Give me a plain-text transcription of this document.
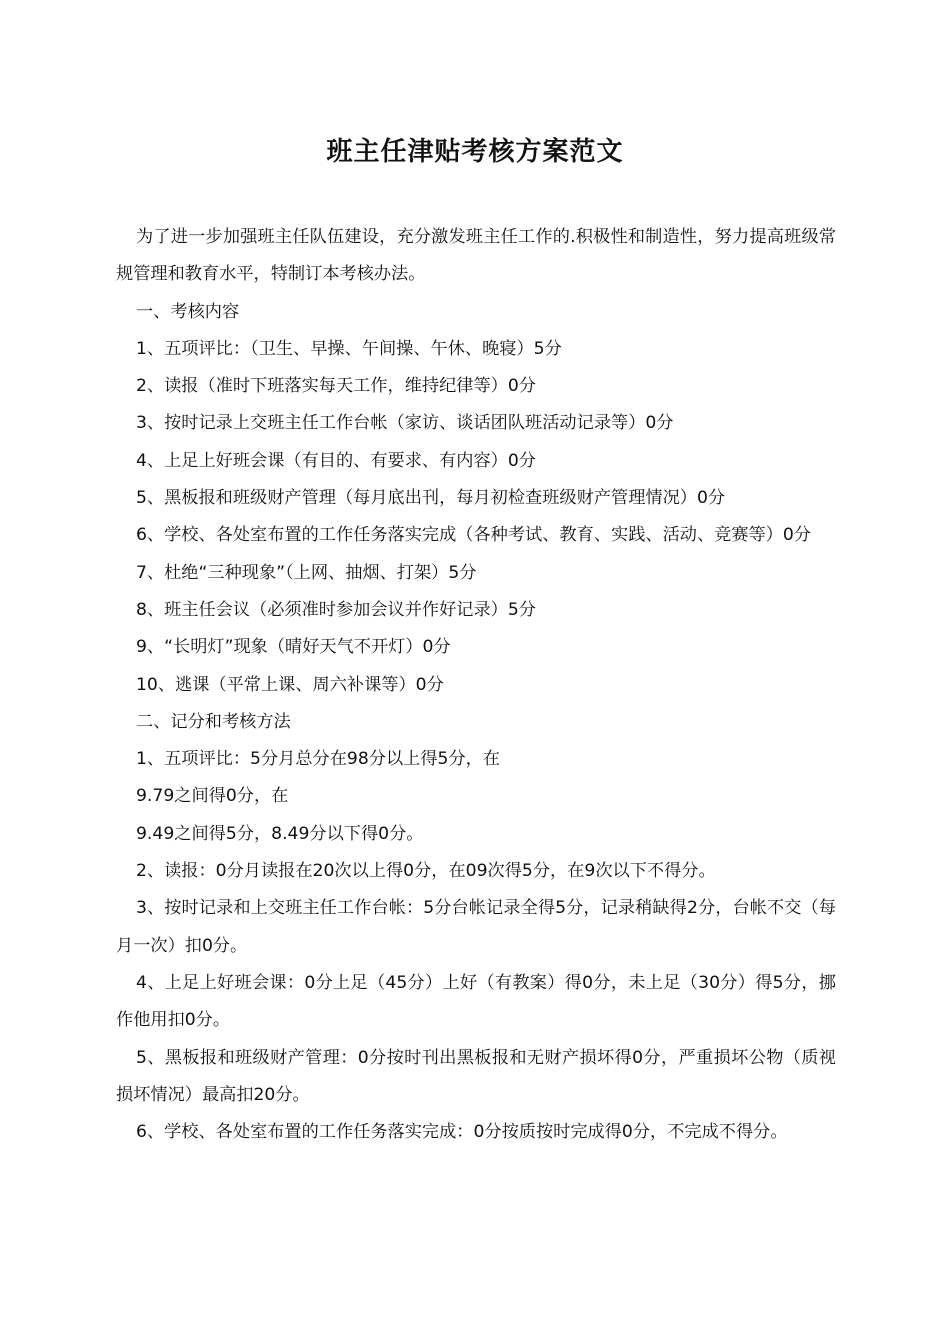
班主任津贴考核方案范文

为了进一步加强班主任队伍建设，充分激发班主任工作的.积极性和制造性，努力提高班级常规管理和教育水平，特制订本考核办法。

一、考核内容

1、五项评比：（卫生、早操、午间操、午休、晚寝）5分

2、读报（准时下班落实每天工作，维持纪律等）0分

3、按时记录上交班主任工作台帐（家访、谈话团队班活动记录等）0分

4、上足上好班会课（有目的、有要求、有内容）0分

5、黑板报和班级财产管理（每月底出刊，每月初检查班级财产管理情况）0分

6、学校、各处室布置的工作任务落实完成（各种考试、教育、实践、活动、竞赛等）0分

7、杜绝“三种现象”（上网、抽烟、打架）5分

8、班主任会议（必须准时参加会议并作好记录）5分

9、“长明灯”现象（晴好天气不开灯）0分

10、逃课（平常上课、周六补课等）0分

二、记分和考核方法

1、五项评比：5分月总分在98分以上得5分，在

9.79之间得0分，在

9.49之间得5分，8.49分以下得0分。

2、读报：0分月读报在20次以上得0分，在09次得5分，在9次以下不得分。

3、按时记录和上交班主任工作台帐：5分台帐记录全得5分，记录稍缺得2分，台帐不交（每月一次）扣0分。

4、上足上好班会课：0分上足（45分）上好（有教案）得0分，未上足（30分）得5分，挪作他用扣0分。

5、黑板报和班级财产管理：0分按时刊出黑板报和无财产损坏得0分，严重损坏公物（质视损坏情况）最高扣20分。

6、学校、各处室布置的工作任务落实完成：0分按质按时完成得0分，不完成不得分。
